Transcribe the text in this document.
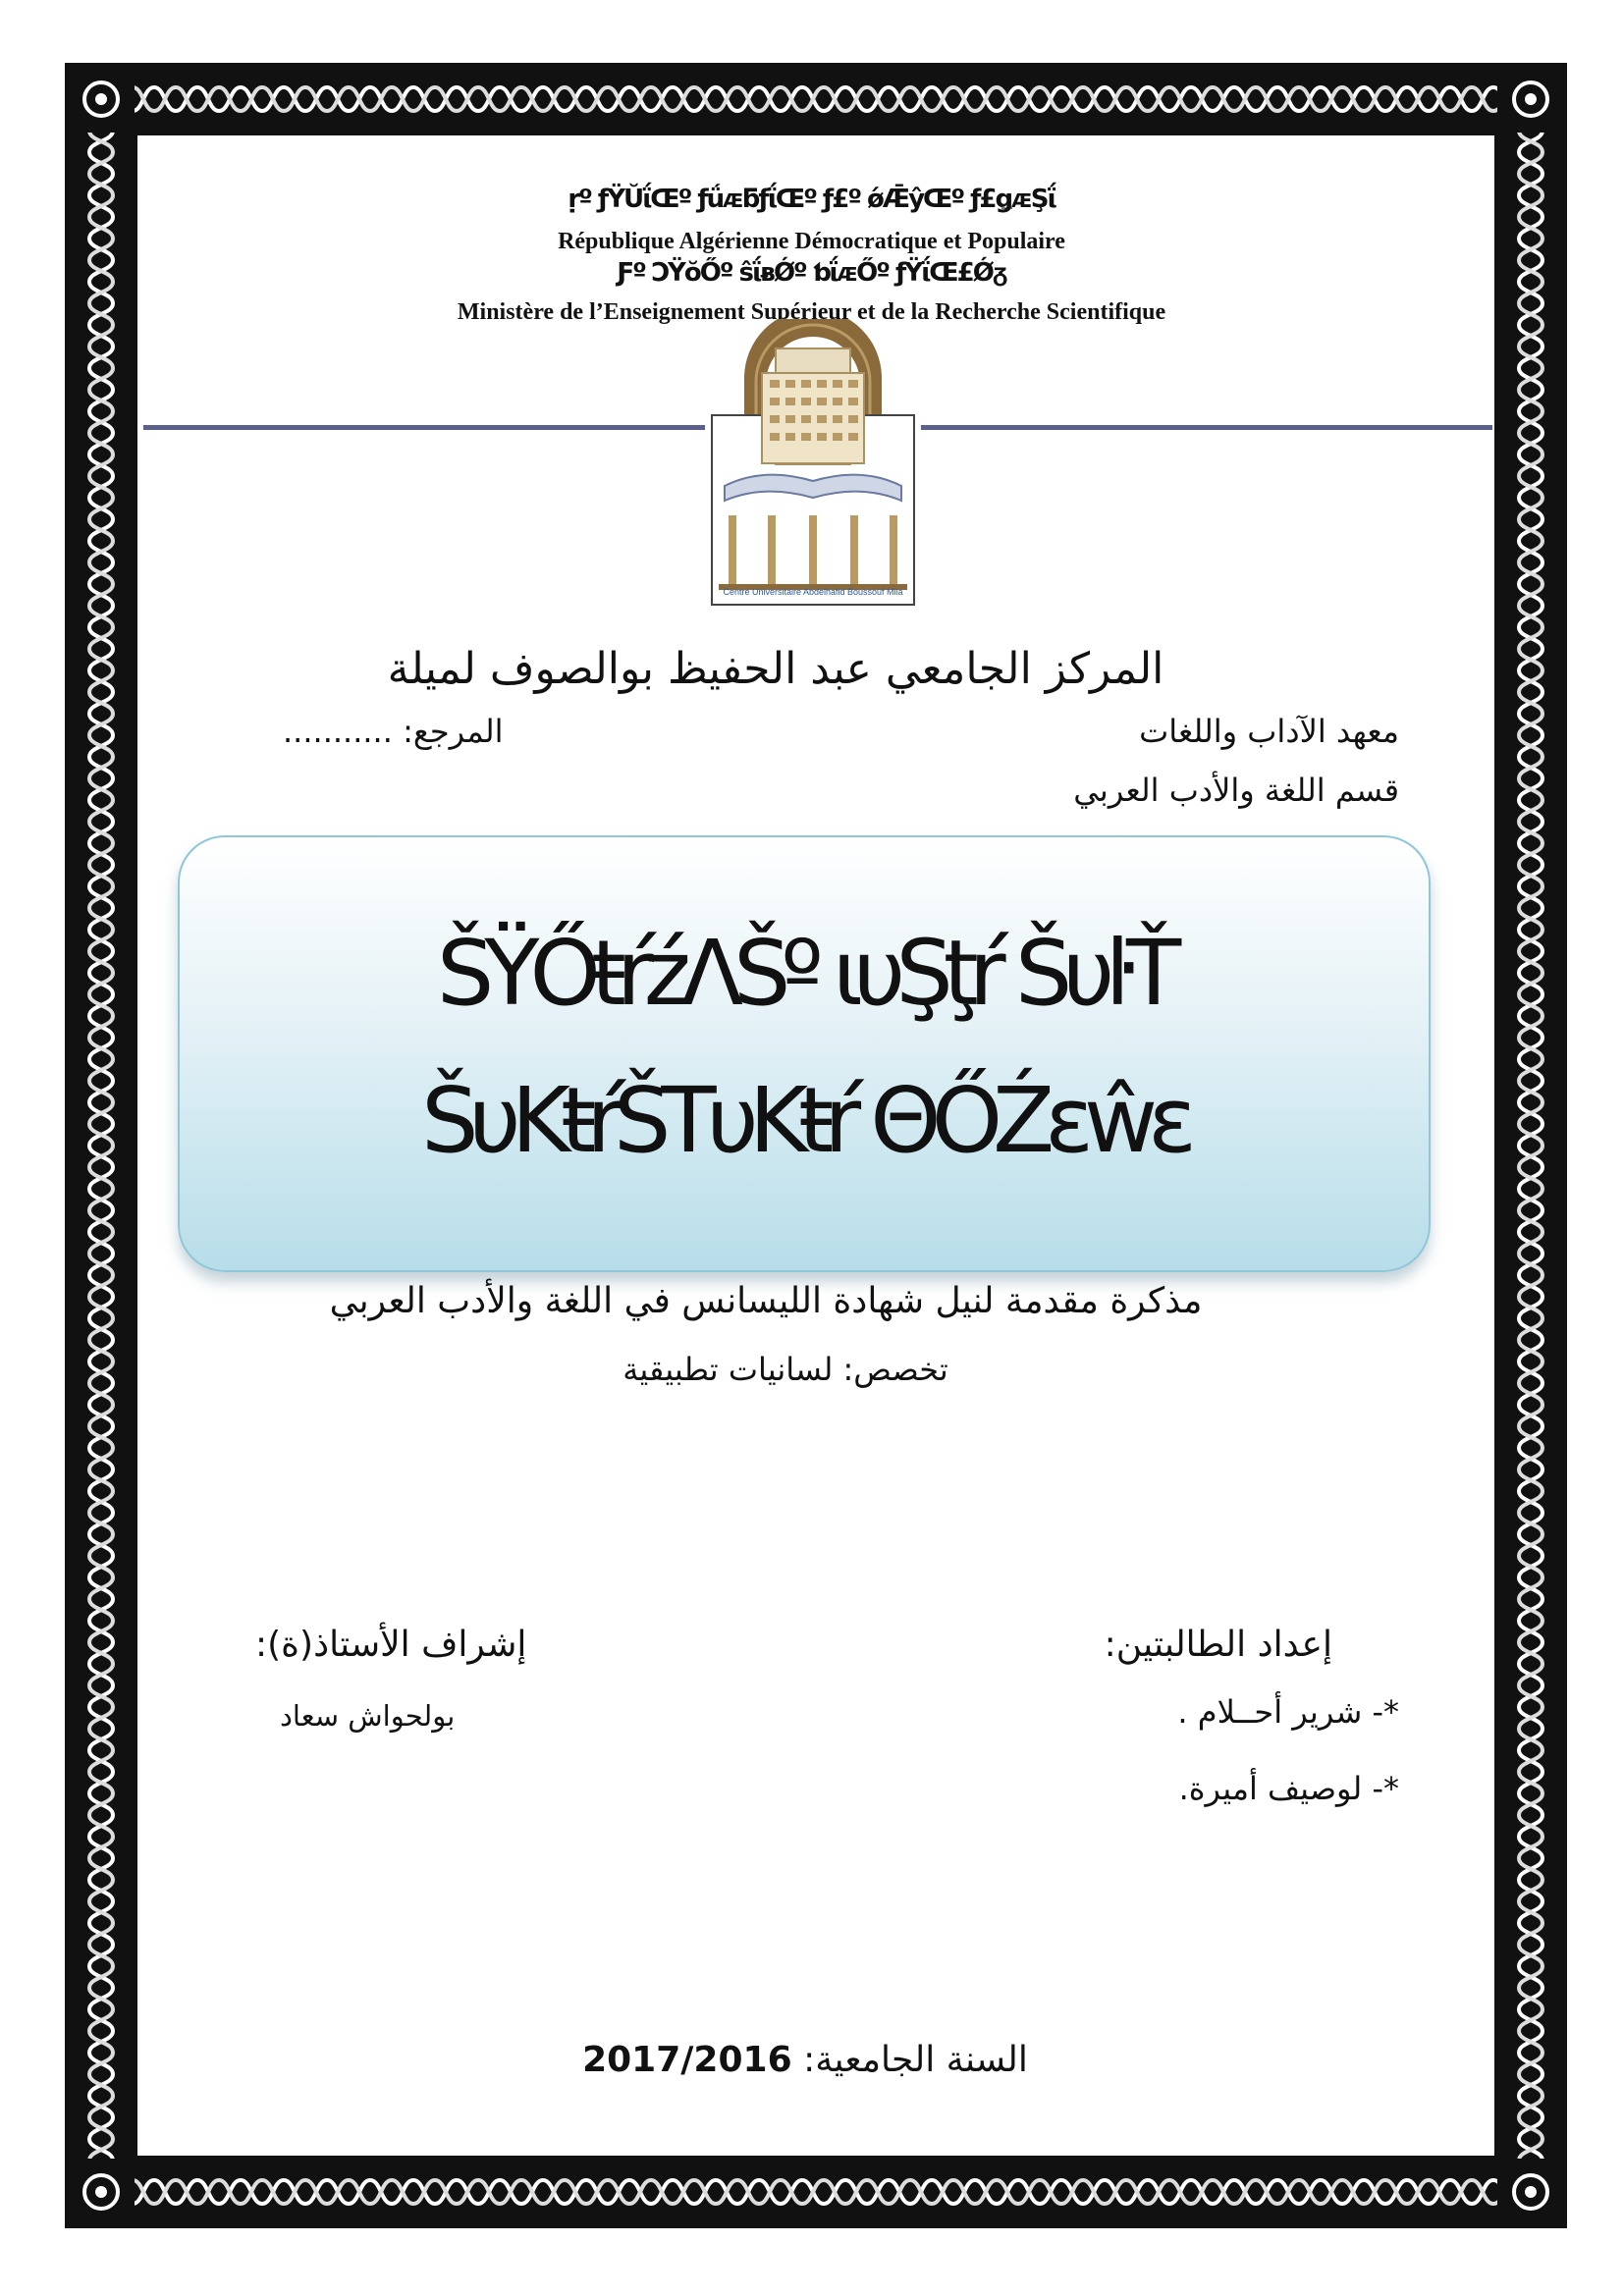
ṛº ƒΫŬΐŒº ƒǘᴁƃƒΐŒº ƒ£º ǿǢŷŒº ƒ£ǥᴁŞΐ
République Algérienne Démocratique et Populaire
Ƒº ϽΫŏŐº ŝΐᴃǾº ƅΐᴁŐº ƒΫΐŒ£Ǿᵹ
Ministère de l’Enseignement Supérieur et de la Recherche Scientifique
Centre Universitaire Abdelhafid Boussouf Mila
المركز الجامعي عبد الحفيظ بوالصوف لميلة
معهد الآداب واللغات
المرجع: ...........
قسم اللغة والأدب العربي
ŠΫŐŧŕźΛŠº ιυŞţŕ ŠυŀŤ
ŠυΚŧŕŠΤυΚŧŕ ΘŐŹɛŵɛ
مذكرة مقدمة لنيل شهادة الليسانس في اللغة والأدب العربي
تخصص: لسانيات تطبيقية
إعداد الطالبتين:
*- شرير أحــلام .
*- لوصيف أميرة.
إشراف الأستاذ(ة):
بولحواش سعاد
السنة الجامعية: 2017/2016
